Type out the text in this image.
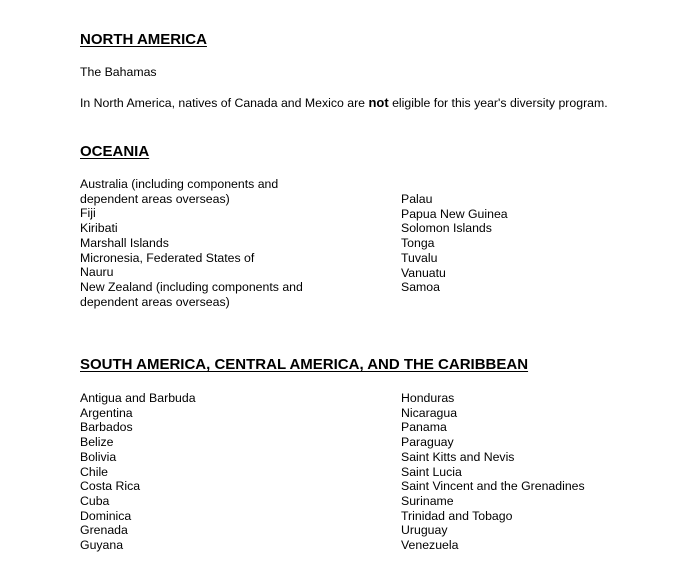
NORTH AMERICA

The Bahamas

In North America, natives of Canada and Mexico are not eligible for this year's diversity program.

OCEANIA
Australia (including components and
dependent areas overseas)
Fiji
Kiribati
Marshall Islands
Micronesia, Federated States of
Nauru
New Zealand (including components and
dependent areas overseas)
Palau
Papua New Guinea
Solomon Islands
Tonga
Tuvalu
Vanuatu
Samoa
SOUTH AMERICA, CENTRAL AMERICA, AND THE CARIBBEAN
Antigua and Barbuda
Argentina
Barbados
Belize
Bolivia
Chile
Costa Rica
Cuba
Dominica
Grenada
Guyana
Honduras
Nicaragua
Panama
Paraguay
Saint Kitts and Nevis
Saint Lucia
Saint Vincent and the Grenadines
Suriname
Trinidad and Tobago
Uruguay
Venezuela
